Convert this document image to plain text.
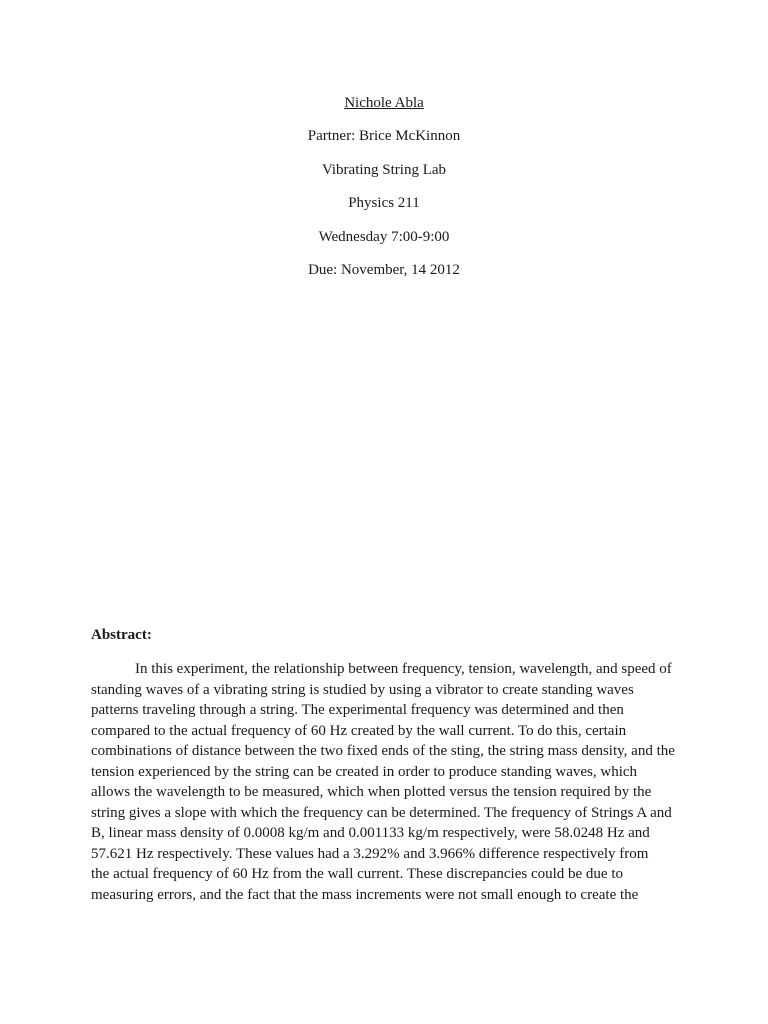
Nichole Abla
Partner: Brice McKinnon
Vibrating String Lab
Physics 211
Wednesday 7:00-9:00
Due: November, 14 2012
Abstract:
In this experiment, the relationship between frequency, tension, wavelength, and speed of
standing waves of a vibrating string is studied by using a vibrator to create standing waves
patterns traveling through a string. The experimental frequency was determined and then
compared to the actual frequency of 60 Hz created by the wall current. To do this, certain
combinations of distance between the two fixed ends of the sting, the string mass density, and the
tension experienced by the string can be created in order to produce standing waves, which
allows the wavelength to be measured, which when plotted versus the tension required by the
string gives a slope with which the frequency can be determined. The frequency of Strings A and
B, linear mass density of 0.0008 kg/m and 0.001133 kg/m respectively, were 58.0248 Hz and
57.621 Hz respectively. These values had a 3.292% and 3.966% difference respectively from
the actual frequency of 60 Hz from the wall current. These discrepancies could be due to
measuring errors, and the fact that the mass increments were not small enough to create the
